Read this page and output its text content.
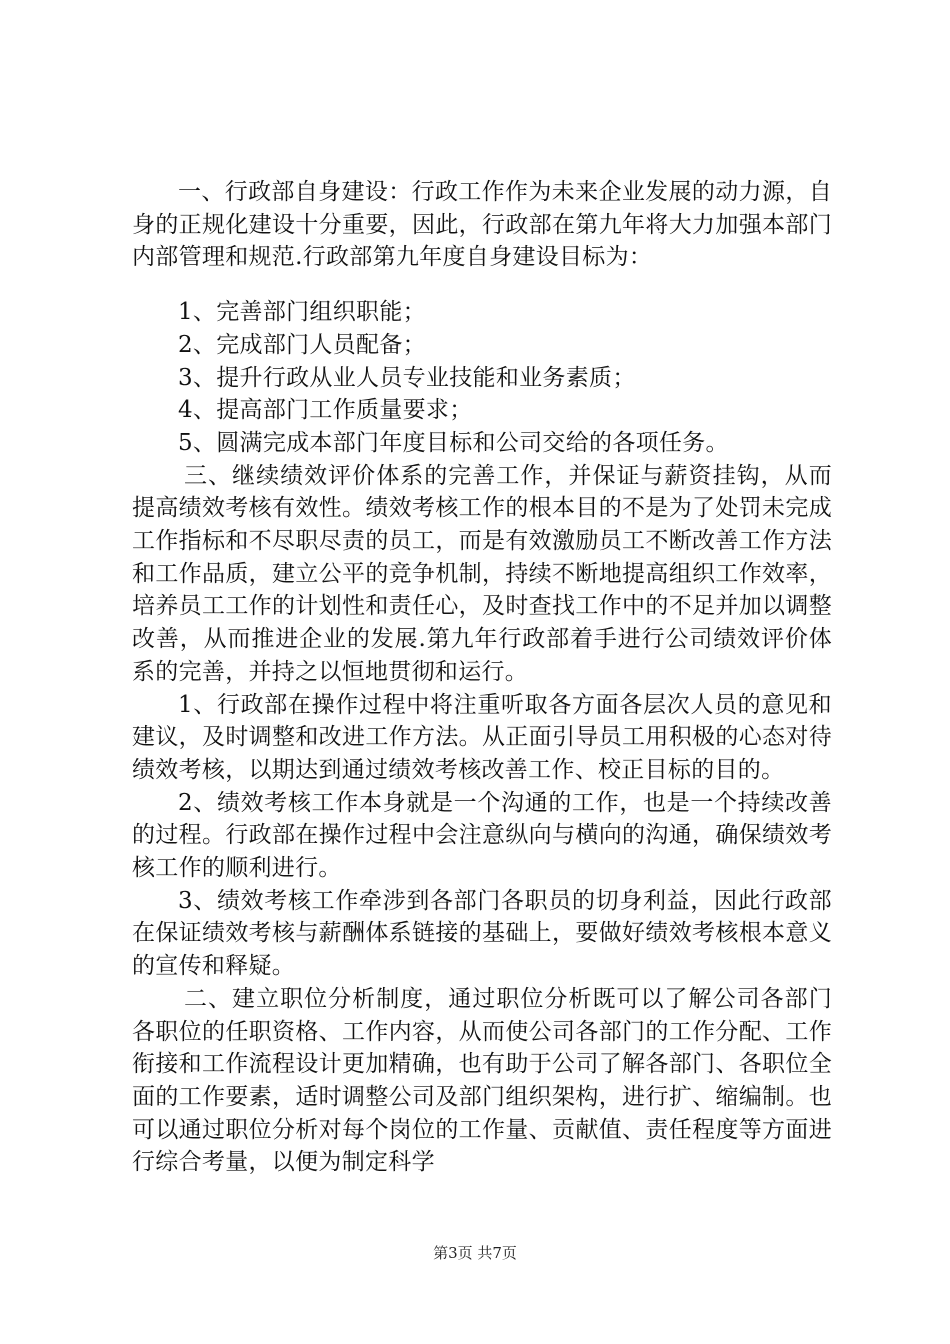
一、行政部自身建设：行政工作作为未来企业发展的动力源，自身的正规化建设十分重要，因此，行政部在第九年将大力加强本部门内部管理和规范.行政部第九年度自身建设目标为：

1、完善部门组织职能；

2、完成部门人员配备；

3、提升行政从业人员专业技能和业务素质；

4、提高部门工作质量要求；

5、圆满完成本部门年度目标和公司交给的各项任务。

三、继续绩效评价体系的完善工作，并保证与薪资挂钩，从而提高绩效考核有效性。绩效考核工作的根本目的不是为了处罚未完成工作指标和不尽职尽责的员工，而是有效激励员工不断改善工作方法和工作品质，建立公平的竞争机制，持续不断地提高组织工作效率，培养员工工作的计划性和责任心，及时查找工作中的不足并加以调整改善，从而推进企业的发展.第九年行政部着手进行公司绩效评价体系的完善，并持之以恒地贯彻和运行。

1、行政部在操作过程中将注重听取各方面各层次人员的意见和建议，及时调整和改进工作方法。从正面引导员工用积极的心态对待绩效考核，以期达到通过绩效考核改善工作、校正目标的目的。

2、绩效考核工作本身就是一个沟通的工作，也是一个持续改善的过程。行政部在操作过程中会注意纵向与横向的沟通，确保绩效考核工作的顺利进行。

3、绩效考核工作牵涉到各部门各职员的切身利益，因此行政部在保证绩效考核与薪酬体系链接的基础上，要做好绩效考核根本意义的宣传和释疑。

二、建立职位分析制度，通过职位分析既可以了解公司各部门各职位的任职资格、工作内容，从而使公司各部门的工作分配、工作衔接和工作流程设计更加精确，也有助于公司了解各部门、各职位全面的工作要素，适时调整公司及部门组织架构，进行扩、缩编制。也可以通过职位分析对每个岗位的工作量、贡献值、责任程度等方面进行综合考量，以便为制定科学

第3页 共7页
